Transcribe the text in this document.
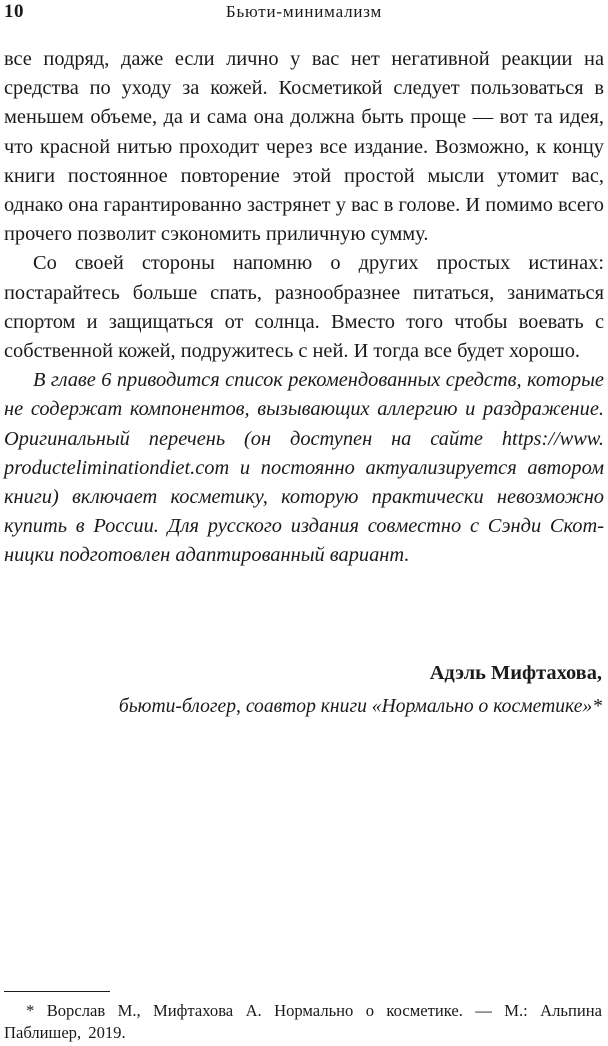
10	Бьюти-минимализм

все подряд, даже если лично у вас нет негативной реакции на средства по уходу за кожей. Косметикой следует пользоваться в меньшем объеме, да и сама она должна быть проще — вот та идея, что красной нитью проходит через все издание. Возможно, к концу книги постоянное повторение этой простой мысли утомит вас, однако она гарантированно застрянет у вас в голове. И помимо всего прочего позволит сэкономить приличную сумму.

Со своей стороны напомню о других простых истинах: постарайтесь больше спать, разнообразнее питаться, заниматься спортом и защищаться от солнца. Вместо того чтобы воевать с собственной кожей, подружитесь с ней. И тогда все будет хорошо.

В главе 6 приводится список рекомендованных средств, которые не содержат компонентов, вызывающих аллергию и раздражение. Оригинальный перечень (он доступен на сайте https://www.​producteliminationdiet.com и постоянно актуализируется автором книги) включает косметику, которую практически невозможно купить в России. Для русского издания совместно с Сэнди Скотницки подготовлен адаптированный вариант.

Адэль Мифтахова,
бьюти-блогер, соавтор книги «Нормально о косметике»*
* Ворслав М., Мифтахова А. Нормально о косметике. — М.: Альпина Паблишер, 2019.
